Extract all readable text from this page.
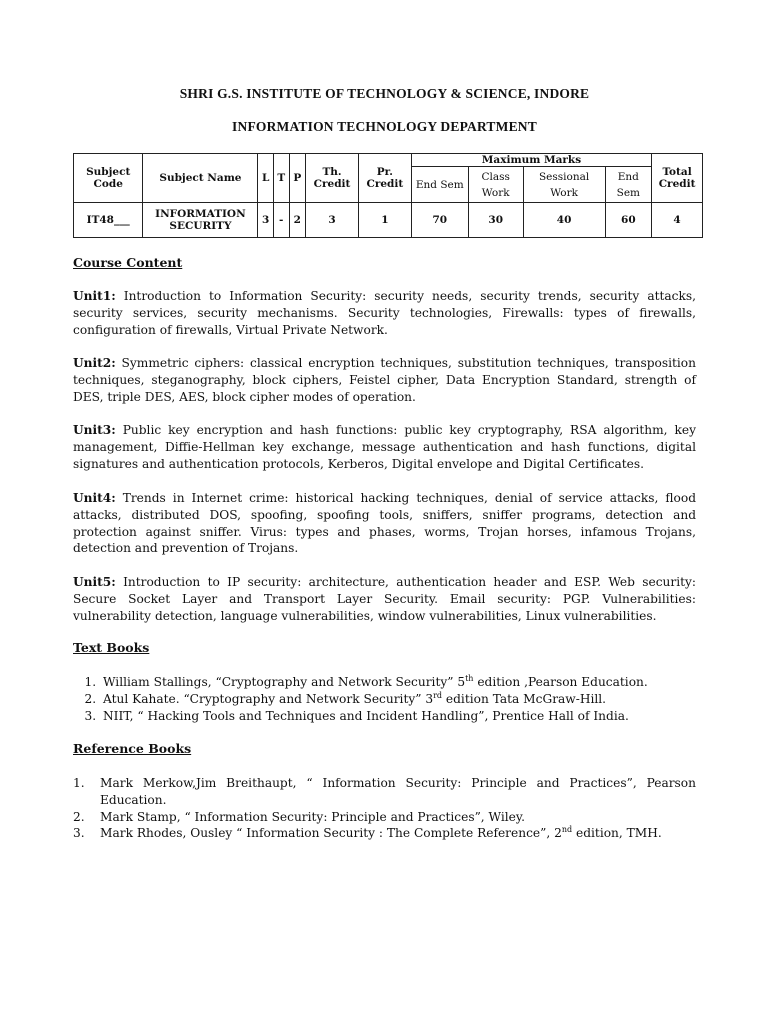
SHRI G.S. INSTITUTE OF TECHNOLOGY & SCIENCE, INDORE
INFORMATION TECHNOLOGY DEPARTMENT
Subject Code	Subject Name	L	T	P	Th. Credit	Pr. Credit	Maximum Marks				Total Credit
							End Sem	Class Work	Sessional Work	End Sem	
IT48___	INFORMATION SECURITY	3	-	2	3	1	70	30	40	60	4
Course Content
Unit1: Introduction to Information Security: security needs, security trends, security attacks, security services, security mechanisms. Security technologies, Firewalls: types of firewalls, configuration of firewalls, Virtual Private Network.
Unit2: Symmetric ciphers: classical encryption techniques, substitution techniques, transposition techniques, steganography, block ciphers, Feistel cipher, Data Encryption Standard, strength of DES, triple DES, AES, block cipher modes of operation.
Unit3: Public key encryption and hash functions: public key cryptography, RSA algorithm, key management, Diffie-Hellman key exchange, message authentication and hash functions, digital signatures and authentication protocols, Kerberos, Digital envelope and Digital Certificates.
Unit4: Trends in Internet crime: historical hacking techniques, denial of service attacks, flood attacks, distributed DOS, spoofing, spoofing tools, sniffers, sniffer programs, detection and protection against sniffer. Virus: types and phases, worms, Trojan horses, infamous Trojans, detection and prevention of Trojans.
Unit5: Introduction to IP security: architecture, authentication header and ESP. Web security: Secure Socket Layer and Transport Layer Security. Email security: PGP. Vulnerabilities: vulnerability detection, language vulnerabilities, window vulnerabilities, Linux vulnerabilities.
Text Books
1. William Stallings, “Cryptography and Network Security” 5th edition ,Pearson Education.
2. Atul Kahate. “Cryptography and Network Security” 3rd edition Tata McGraw-Hill.
3. NIIT, “ Hacking Tools and Techniques and Incident Handling”, Prentice Hall of India.
Reference Books
1. Mark Merkow,Jim Breithaupt, “ Information Security: Principle and Practices”, Pearson Education.
2. Mark Stamp, “ Information Security: Principle and Practices”, Wiley.
3. Mark Rhodes, Ousley “ Information Security : The Complete Reference”, 2nd edition, TMH.
